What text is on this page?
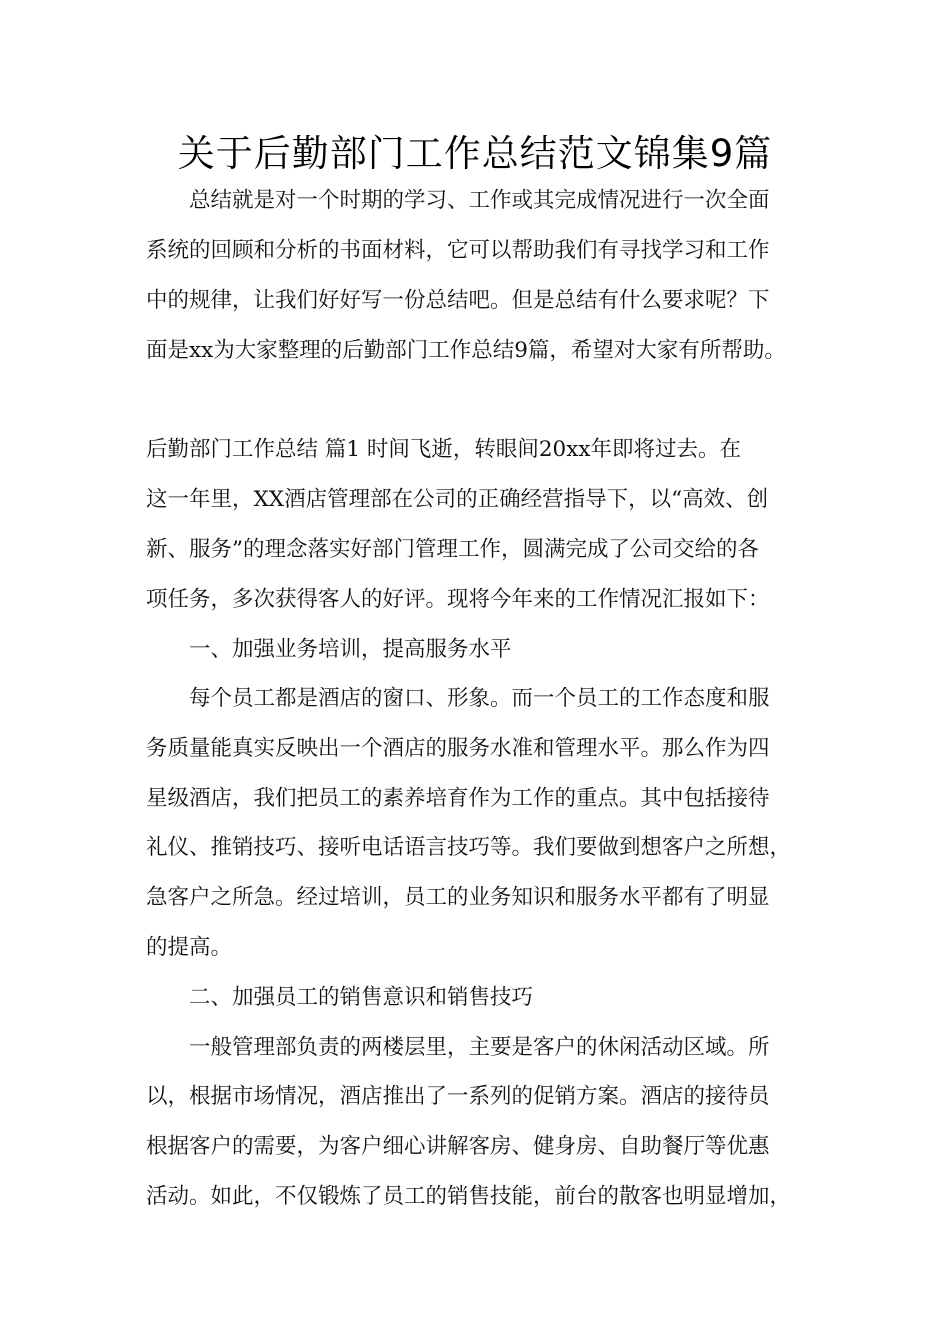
关于后勤部门工作总结范文锦集9篇
总结就是对一个时期的学习、工作或其完成情况进行一次全面
系统的回顾和分析的书面材料，它可以帮助我们有寻找学习和工作
中的规律，让我们好好写一份总结吧。但是总结有什么要求呢？下
面是xx为大家整理的后勤部门工作总结9篇，希望对大家有所帮助。
后勤部门工作总结 篇1 时间飞逝，转眼间20xx年即将过去。在
这一年里，XX酒店管理部在公司的正确经营指导下，以“高效、创
新、服务”的理念落实好部门管理工作，圆满完成了公司交给的各
项任务，多次获得客人的好评。现将今年来的工作情况汇报如下：
一、加强业务培训，提高服务水平
每个员工都是酒店的窗口、形象。而一个员工的工作态度和服
务质量能真实反映出一个酒店的服务水准和管理水平。那么作为四
星级酒店，我们把员工的素养培育作为工作的重点。其中包括接待
礼仪、推销技巧、接听电话语言技巧等。我们要做到想客户之所想，
急客户之所急。经过培训，员工的业务知识和服务水平都有了明显
的提高。
二、加强员工的销售意识和销售技巧
一般管理部负责的两楼层里，主要是客户的休闲活动区域。所
以，根据市场情况，酒店推出了一系列的促销方案。酒店的接待员
根据客户的需要，为客户细心讲解客房、健身房、自助餐厅等优惠
活动。如此，不仅锻炼了员工的销售技能，前台的散客也明显增加，
